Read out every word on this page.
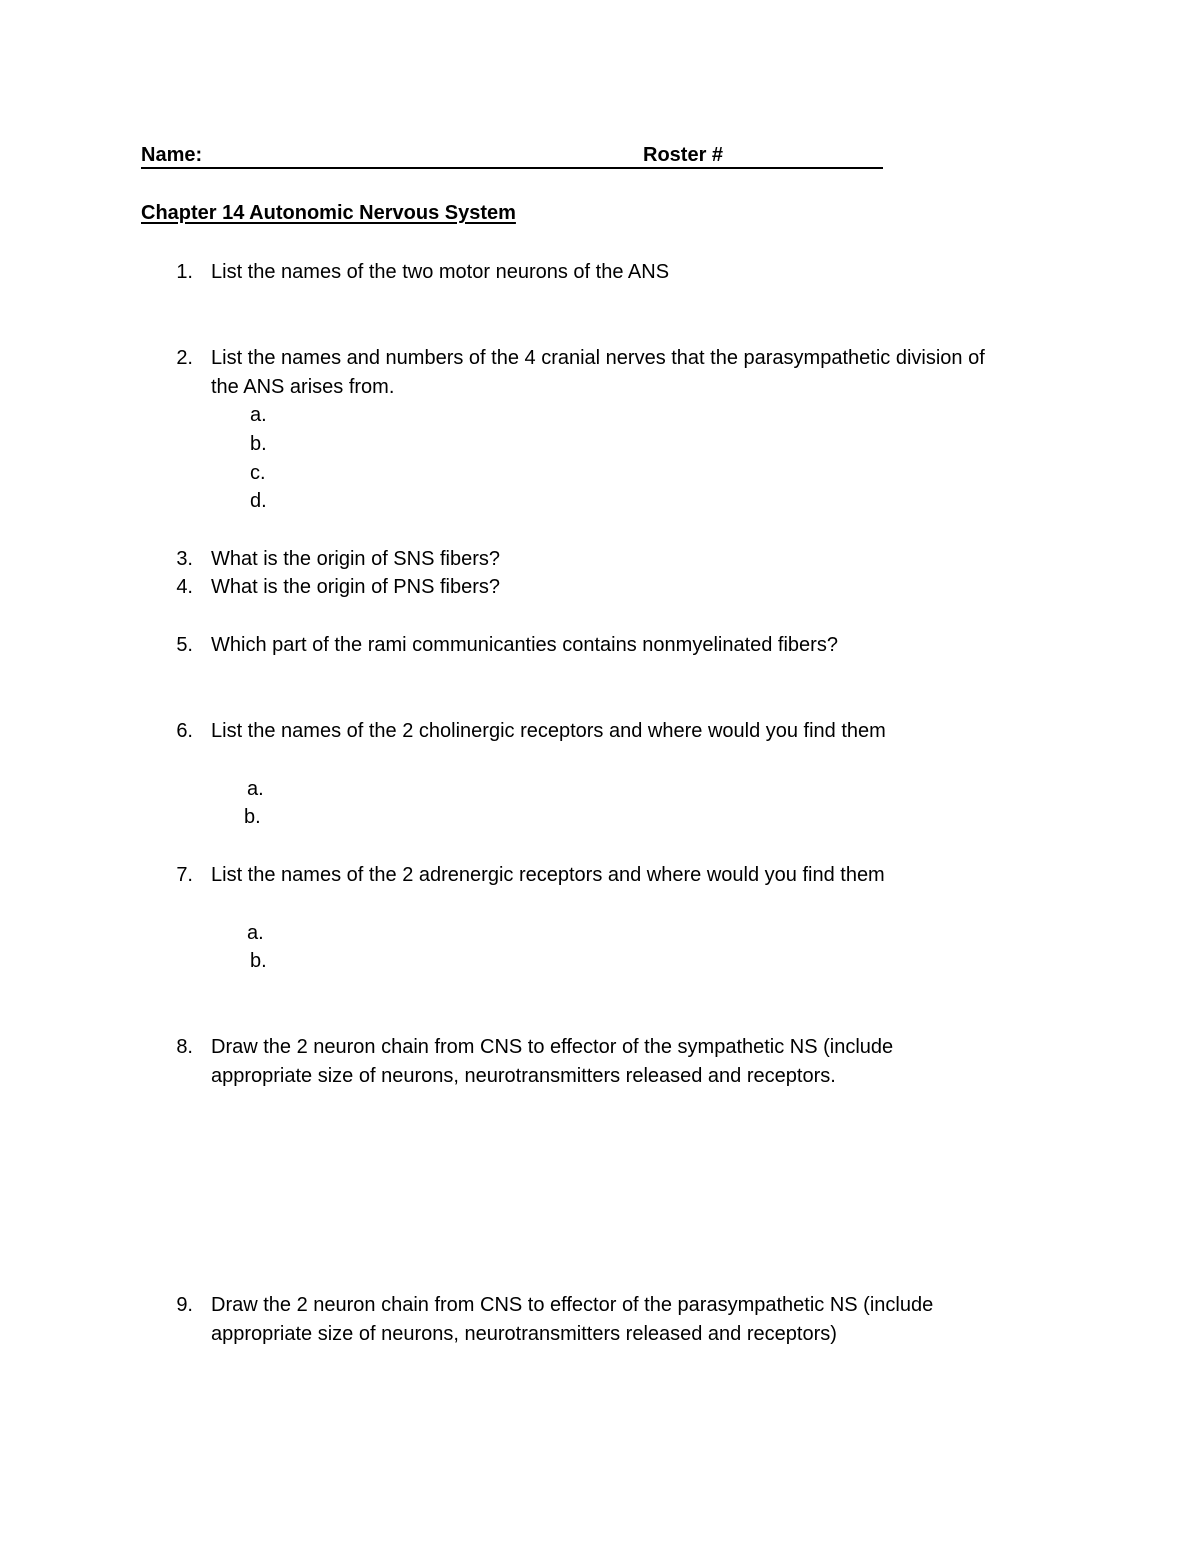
Name:	Roster #
Chapter 14 Autonomic Nervous System
1. List the names of the two motor neurons of the ANS
2. List the names and numbers of the 4 cranial nerves that the parasympathetic division of
the ANS arises from.
a.
b.
c.
d.
3. What is the origin of SNS fibers?
4. What is the origin of PNS fibers?
5. Which part of the rami communicanties contains nonmyelinated fibers?
6. List the names of the 2 cholinergic receptors and where would you find them
a.
b.
7. List the names of the 2 adrenergic receptors and where would you find them
a.
b.
8. Draw the 2 neuron chain from CNS to effector of the sympathetic NS (include
appropriate size of neurons, neurotransmitters released and receptors.
9. Draw the 2 neuron chain from CNS to effector of the parasympathetic NS (include
appropriate size of neurons, neurotransmitters released and receptors)
